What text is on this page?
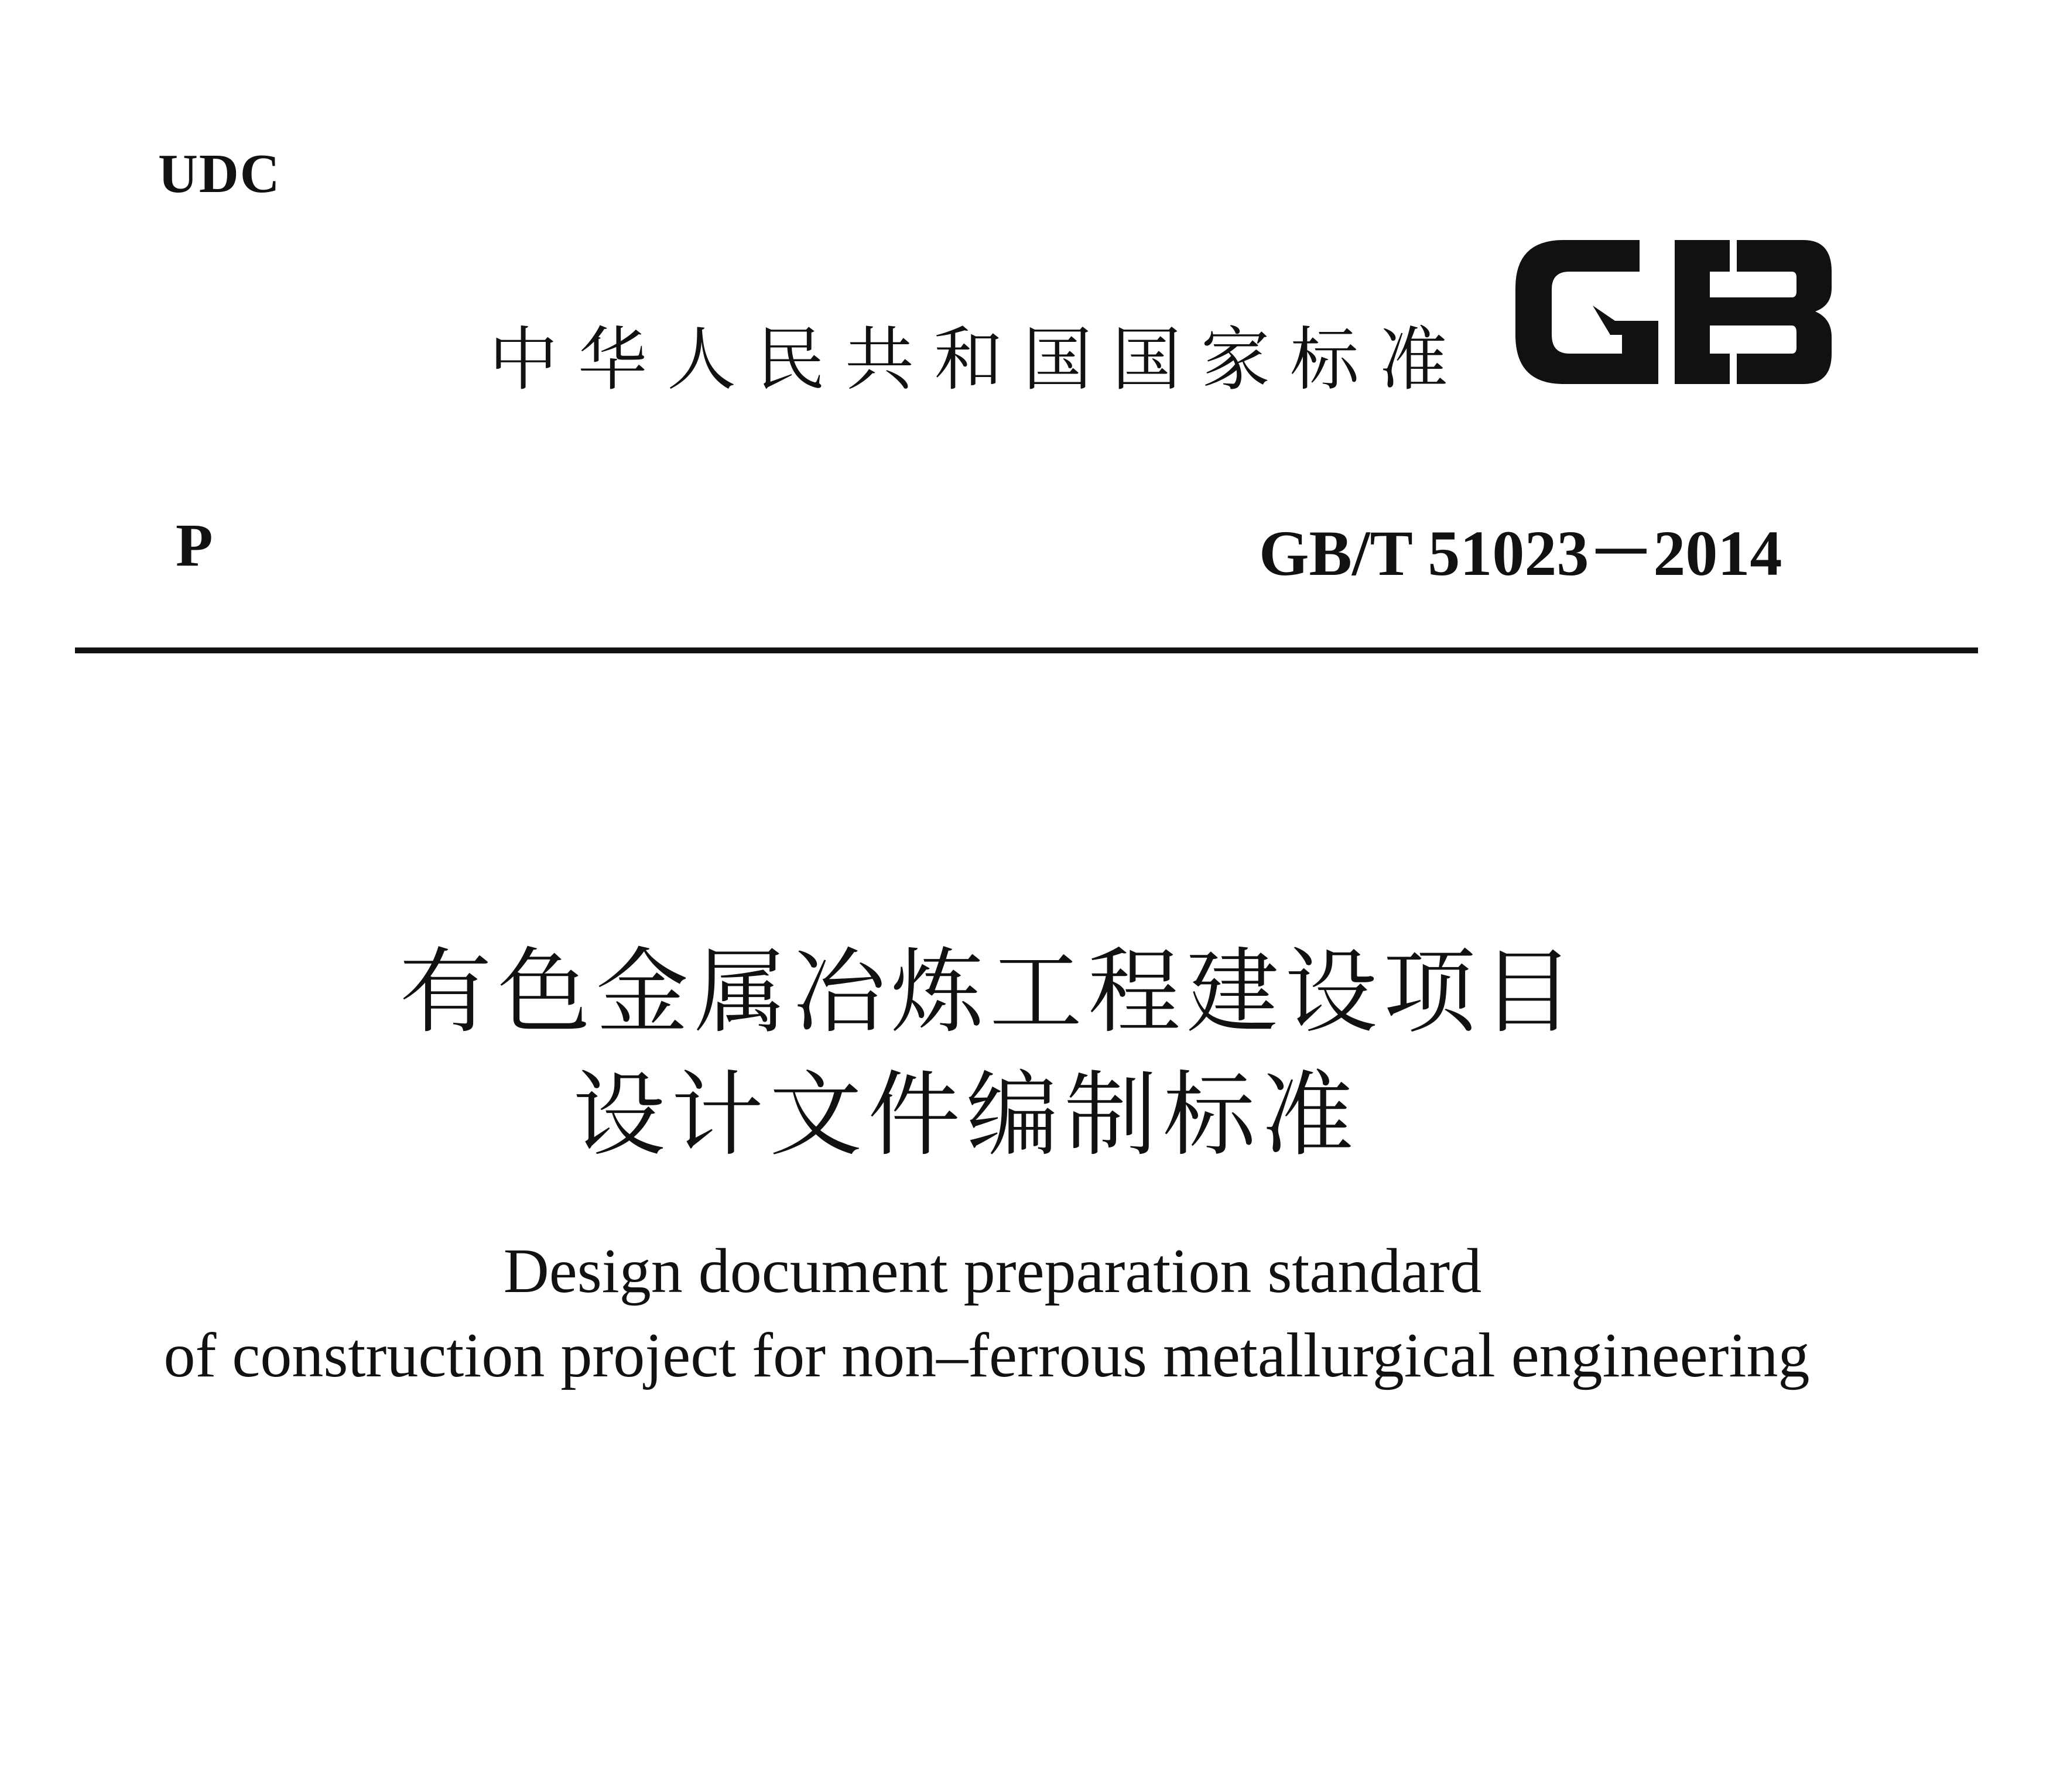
UDC
中华人民共和国国家标准
GB
P	GB/T 51023－2014
有色金属冶炼工程建设项目
设计文件编制标准
Design document preparation standard
of construction project for non–ferrous metallurgical engineering
